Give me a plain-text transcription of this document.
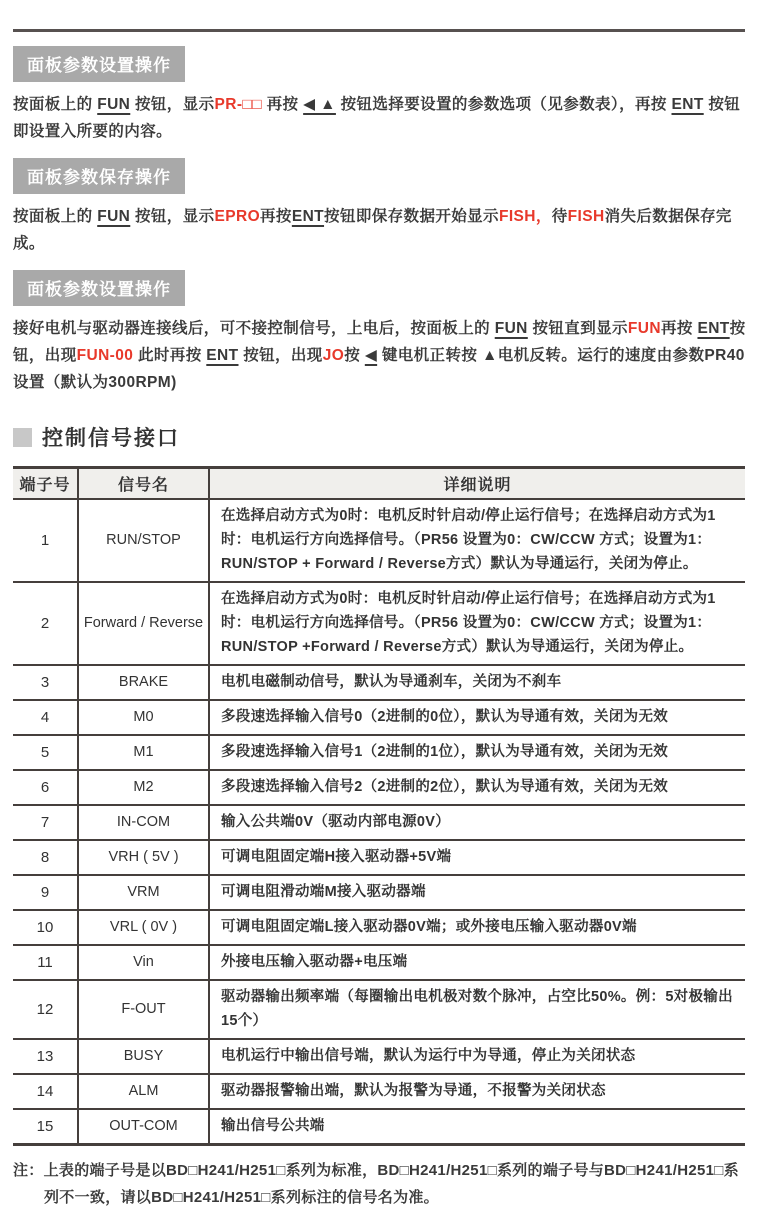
面板参数设置操作

按面板上的 FUN 按钮，显示PR-□□ 再按 ◀ ▲ 按钮选择要设置的参数选项（见参数表），再按 ENT 按钮即设置入所要的内容。

面板参数保存操作

按面板上的 FUN 按钮，显示EPRO再按ENT按钮即保存数据开始显示FISH，待FISH消失后数据保存完成。

面板参数设置操作

接好电机与驱动器连接线后，可不接控制信号，上电后，按面板上的 FUN 按钮直到显示FUN再按 ENT按钮，出现FUN-00 此时再按 ENT 按钮，出现JO按 ◀ 键电机正转按 ▲电机反转。运行的速度由参数PR40设置（默认为300RPM)

控制信号接口
端子号	信号名	详细说明
1	RUN/STOP	在选择启动方式为0时：电机反时针启动/停止运行信号；在选择启动方式为1时：电机运行方向选择信号。（PR56 设置为0：CW/CCW 方式；设置为1：RUN/STOP + Forward / Reverse方式）默认为导通运行，关闭为停止。
2	Forward / Reverse	在选择启动方式为0时：电机反时针启动/停止运行信号；在选择启动方式为1时：电机运行方向选择信号。（PR56 设置为0：CW/CCW 方式；设置为1：RUN/STOP +Forward / Reverse方式）默认为导通运行，关闭为停止。
3	BRAKE	电机电磁制动信号，默认为导通刹车，关闭为不刹车
4	M0	多段速选择输入信号0（2进制的0位），默认为导通有效，关闭为无效
5	M1	多段速选择输入信号1（2进制的1位），默认为导通有效，关闭为无效
6	M2	多段速选择输入信号2（2进制的2位），默认为导通有效，关闭为无效
7	IN-COM	输入公共端0V（驱动内部电源0V）
8	VRH ( 5V )	可调电阻固定端H接入驱动器+5V端
9	VRM	可调电阻滑动端M接入驱动器端
10	VRL ( 0V )	可调电阻固定端L接入驱动器0V端；或外接电压输入驱动器0V端
11	Vin	外接电压输入驱动器+电压端
12	F-OUT	驱动器输出频率端（每圈输出电机极对数个脉冲，占空比50%。例：5对极输出15个）
13	BUSY	电机运行中输出信号端，默认为运行中为导通，停止为关闭状态
14	ALM	驱动器报警输出端，默认为报警为导通，不报警为关闭状态
15	OUT-COM	输出信号公共端

注：上表的端子号是以BD□H241/H251□系列为标准，BD□H241/H251□系列的端子号与BD□H241/H251□系列不一致，请以BD□H241/H251□系列标注的信号名为准。
